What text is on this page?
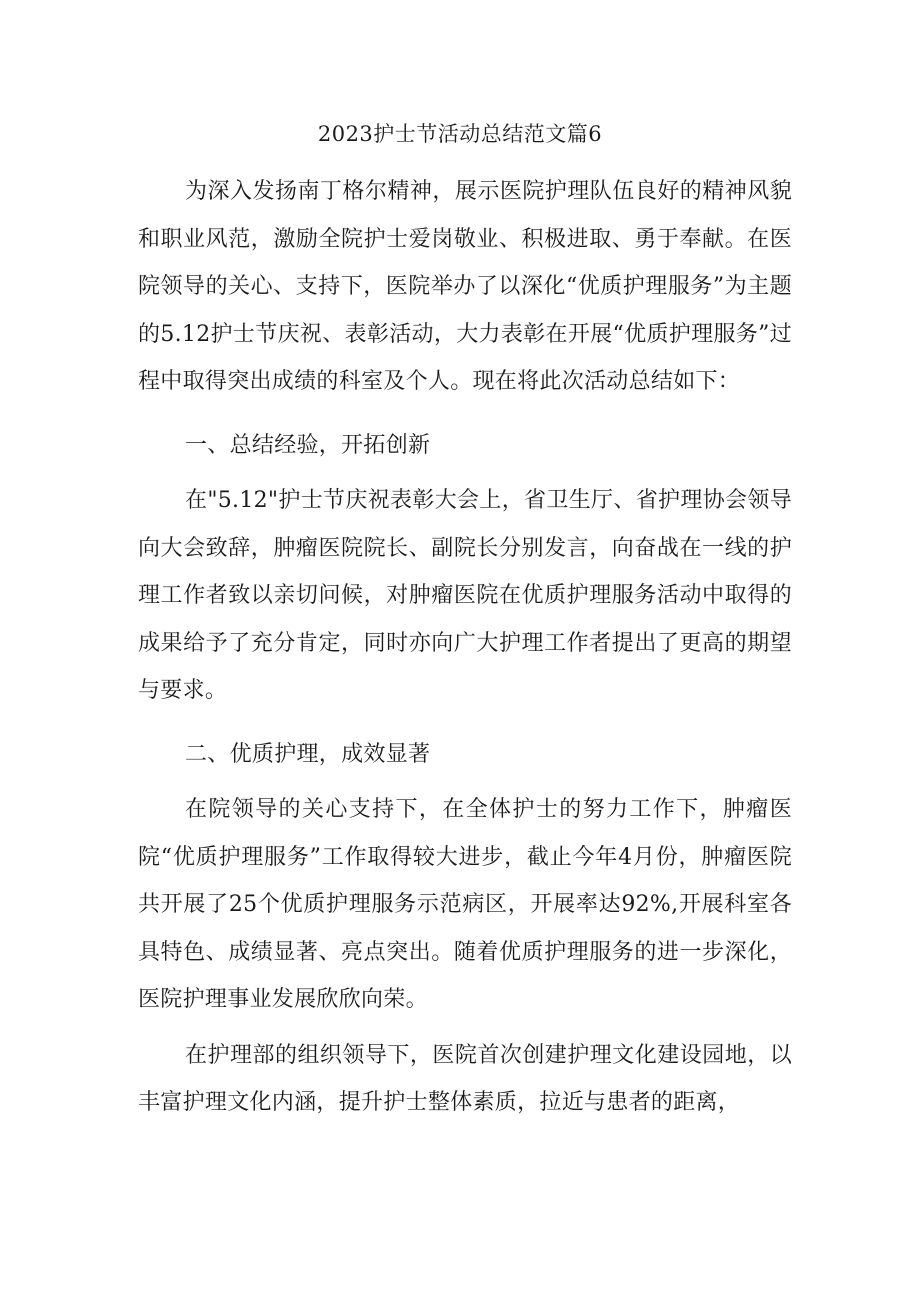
2023护士节活动总结范文篇6

为深入发扬南丁格尔精神，展示医院护理队伍良好的精神风貌和职业风范，激励全院护士爱岗敬业、积极进取、勇于奉献。在医院领导的关心、支持下，医院举办了以深化“优质护理服务”为主题的5.12护士节庆祝、表彰活动，大力表彰在开展“优质护理服务”过程中取得突出成绩的科室及个人。现在将此次活动总结如下：

一、总结经验，开拓创新

在"5.12"护士节庆祝表彰大会上，省卫生厅、省护理协会领导向大会致辞，肿瘤医院院长、副院长分别发言，向奋战在一线的护理工作者致以亲切问候，对肿瘤医院在优质护理服务活动中取得的成果给予了充分肯定，同时亦向广大护理工作者提出了更高的期望与要求。

二、优质护理，成效显著

在院领导的关心支持下，在全体护士的努力工作下，肿瘤医院“优质护理服务”工作取得较大进步，截止今年4月份，肿瘤医院共开展了25个优质护理服务示范病区，开展率达92%,开展科室各具特色、成绩显著、亮点突出。随着优质护理服务的进一步深化，医院护理事业发展欣欣向荣。

在护理部的组织领导下，医院首次创建护理文化建设园地，以丰富护理文化内涵，提升护士整体素质，拉近与患者的距离，
